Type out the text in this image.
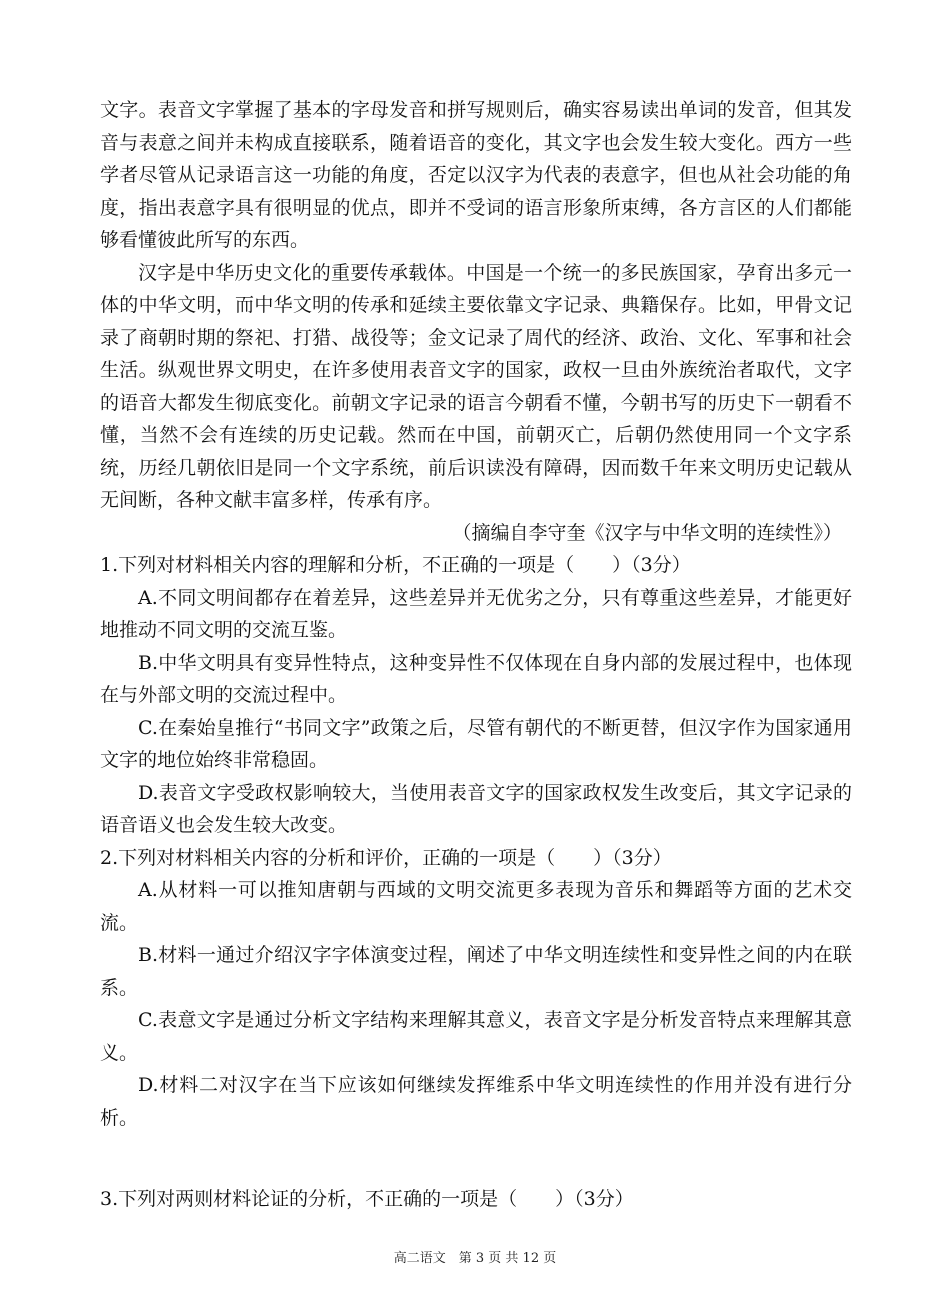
文字。表音文字掌握了基本的字母发音和拼写规则后，确实容易读出单词的发音，但其发音与表意之间并未构成直接联系，随着语音的变化，其文字也会发生较大变化。西方一些学者尽管从记录语言这一功能的角度，否定以汉字为代表的表意字，但也从社会功能的角度，指出表意字具有很明显的优点，即并不受词的语言形象所束缚，各方言区的人们都能够看懂彼此所写的东西。

汉字是中华历史文化的重要传承载体。中国是一个统一的多民族国家，孕育出多元一体的中华文明，而中华文明的传承和延续主要依靠文字记录、典籍保存。比如，甲骨文记录了商朝时期的祭祀、打猎、战役等；金文记录了周代的经济、政治、文化、军事和社会生活。纵观世界文明史，在许多使用表音文字的国家，政权一旦由外族统治者取代，文字的语音大都发生彻底变化。前朝文字记录的语言今朝看不懂，今朝书写的历史下一朝看不懂，当然不会有连续的历史记载。然而在中国，前朝灭亡，后朝仍然使用同一个文字系统，历经几朝依旧是同一个文字系统，前后识读没有障碍，因而数千年来文明历史记载从无间断，各种文献丰富多样，传承有序。

（摘编自李守奎《汉字与中华文明的连续性》）

1.下列对材料相关内容的理解和分析，不正确的一项是（　　）（3分）

A.不同文明间都存在着差异，这些差异并无优劣之分，只有尊重这些差异，才能更好地推动不同文明的交流互鉴。

B.中华文明具有变异性特点，这种变异性不仅体现在自身内部的发展过程中，也体现在与外部文明的交流过程中。

C.在秦始皇推行“书同文字”政策之后，尽管有朝代的不断更替，但汉字作为国家通用文字的地位始终非常稳固。

D.表音文字受政权影响较大，当使用表音文字的国家政权发生改变后，其文字记录的语音语义也会发生较大改变。

2.下列对材料相关内容的分析和评价，正确的一项是（　　）（3分）

A.从材料一可以推知唐朝与西域的文明交流更多表现为音乐和舞蹈等方面的艺术交流。

B.材料一通过介绍汉字字体演变过程，阐述了中华文明连续性和变异性之间的内在联系。

C.表意文字是通过分析文字结构来理解其意义，表音文字是分析发音特点来理解其意义。

D.材料二对汉字在当下应该如何继续发挥维系中华文明连续性的作用并没有进行分析。

3.下列对两则材料论证的分析，不正确的一项是（　　）（3分）

高二语文　第 3 页 共 12 页
